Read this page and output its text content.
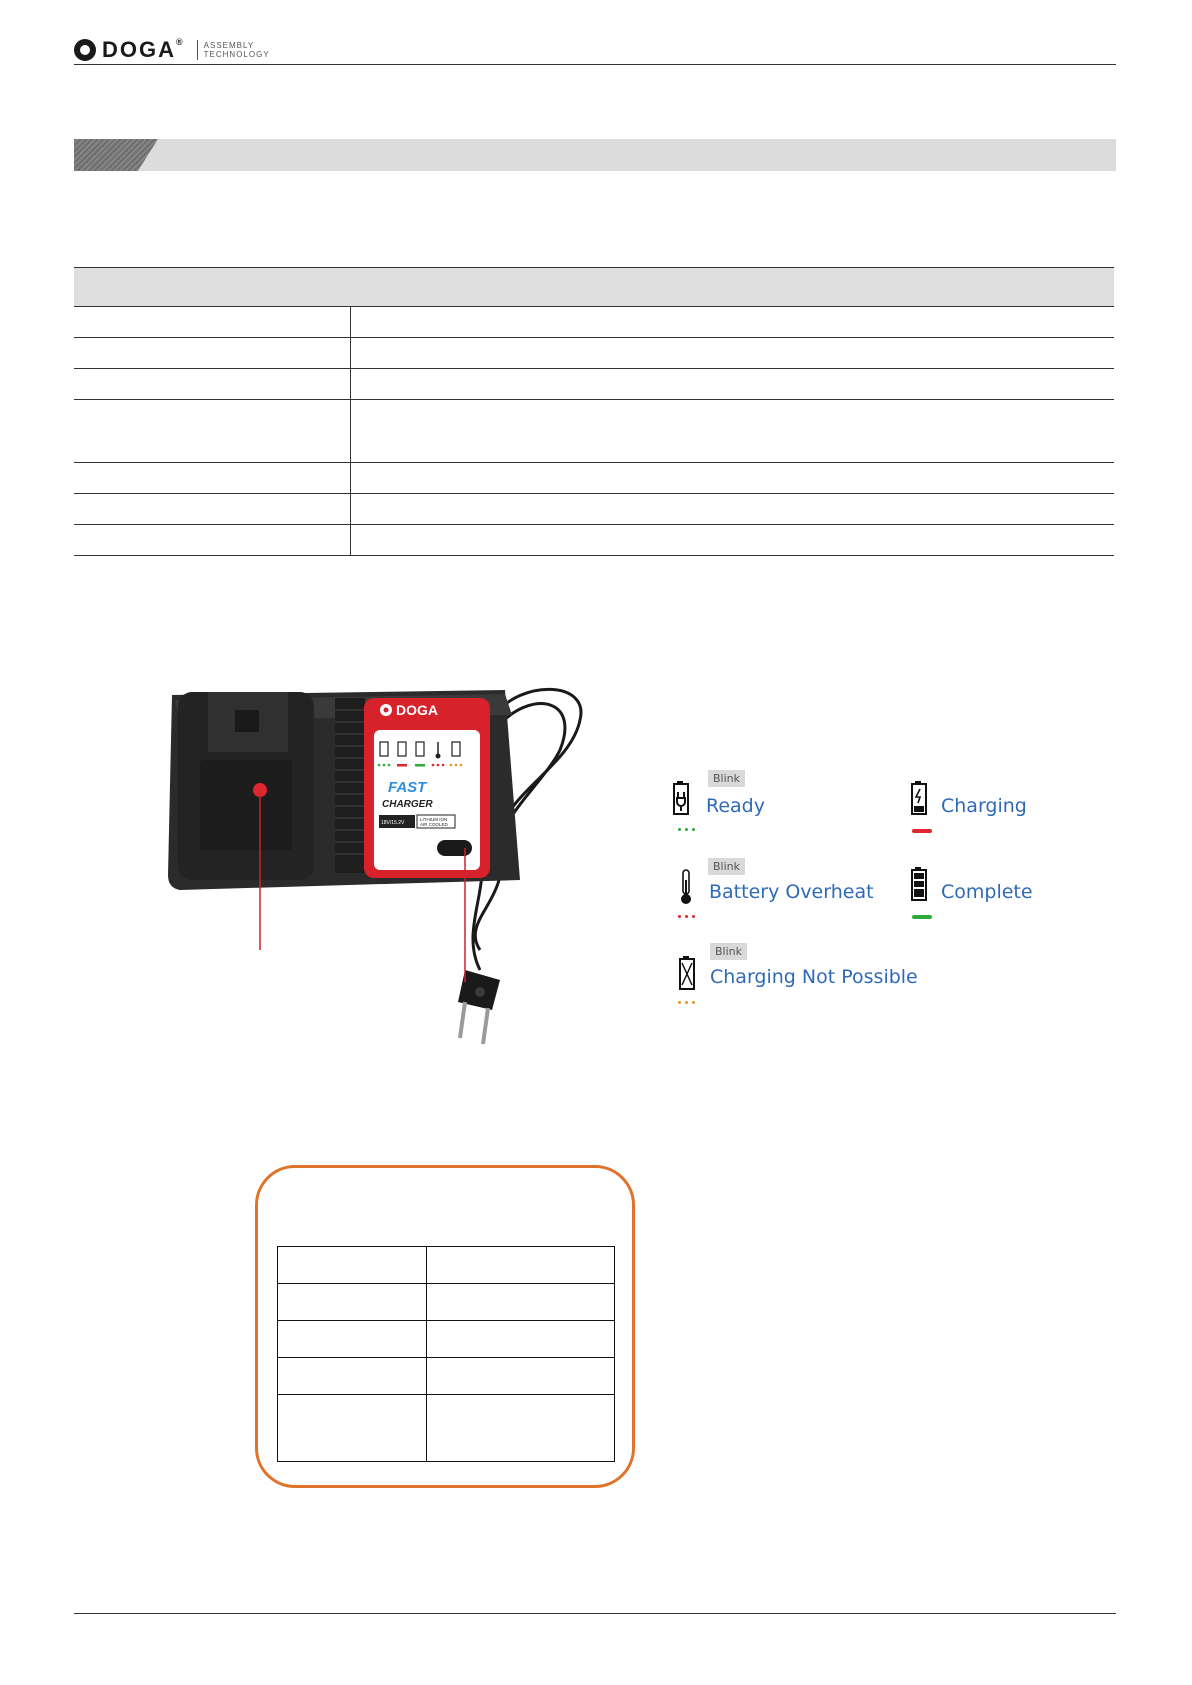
DOGA® ASSEMBLY
TECHNOLOGY

FAST
CHARGER
18V/15.2V
LITHIUM ION
AIR COOLED
DOGA
Blink
Ready	Charging
Blink
Battery Overheat	Complete
Blink
Charging Not Possible
